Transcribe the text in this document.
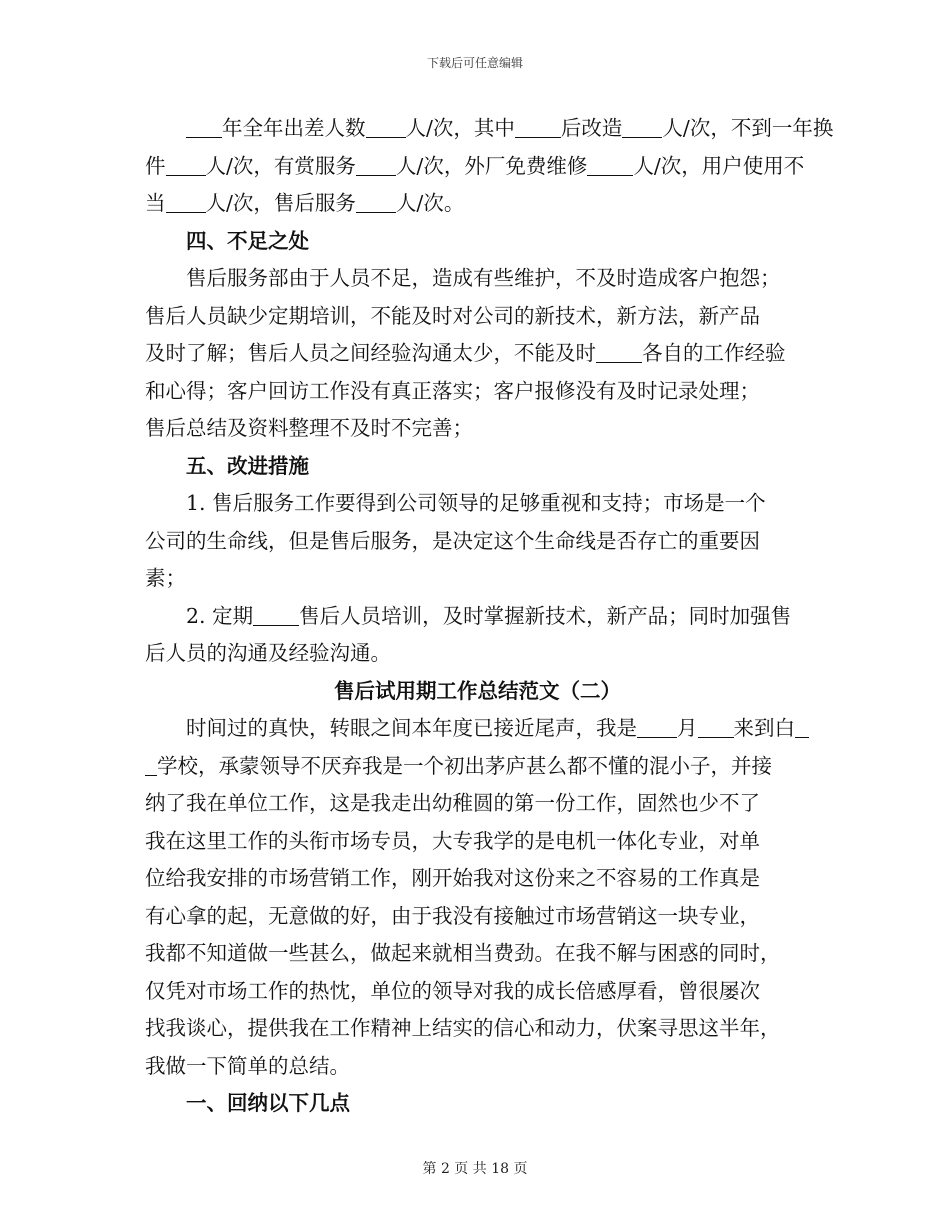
下载后可任意编辑
年全年出差人数 人/次，其中 后改造 人/次，不到一年换
件 人/次，有赏服务 人/次，外厂免费维修 人/次，用户使用不
当 人/次，售后服务 人/次。
四、不足之处
售后服务部由于人员不足，造成有些维护，不及时造成客户抱怨；
售后人员缺少定期培训，不能及时对公司的新技术，新方法，新产品
及时了解；售后人员之间经验沟通太少，不能及时 各自的工作经验
和心得；客户回访工作没有真正落实；客户报修没有及时记录处理；
售后总结及资料整理不及时不完善；
五、改进措施
1. 售后服务工作要得到公司领导的足够重视和支持；市场是一个
公司的生命线，但是售后服务，是决定这个生命线是否存亡的重要因
素；
2. 定期 售后人员培训，及时掌握新技术，新产品；同时加强售
后人员的沟通及经验沟通。
售后试用期工作总结范文（二）
时间过的真快，转眼之间本年度已接近尾声，我是 月 来到白
学校，承蒙领导不厌弃我是一个初出茅庐甚么都不懂的混小子，并接
纳了我在单位工作，这是我走出幼稚圆的第一份工作，固然也少不了
我在这里工作的头衔市场专员，大专我学的是电机一体化专业，对单
位给我安排的市场营销工作，刚开始我对这份来之不容易的工作真是
有心拿的起，无意做的好，由于我没有接触过市场营销这一块专业，
我都不知道做一些甚么，做起来就相当费劲。在我不解与困惑的同时，
仅凭对市场工作的热忱，单位的领导对我的成长倍感厚看，曾很屡次
找我谈心，提供我在工作精神上结实的信心和动力，伏案寻思这半年，
我做一下简单的总结。
一、回纳以下几点
第 2 页 共 18 页
